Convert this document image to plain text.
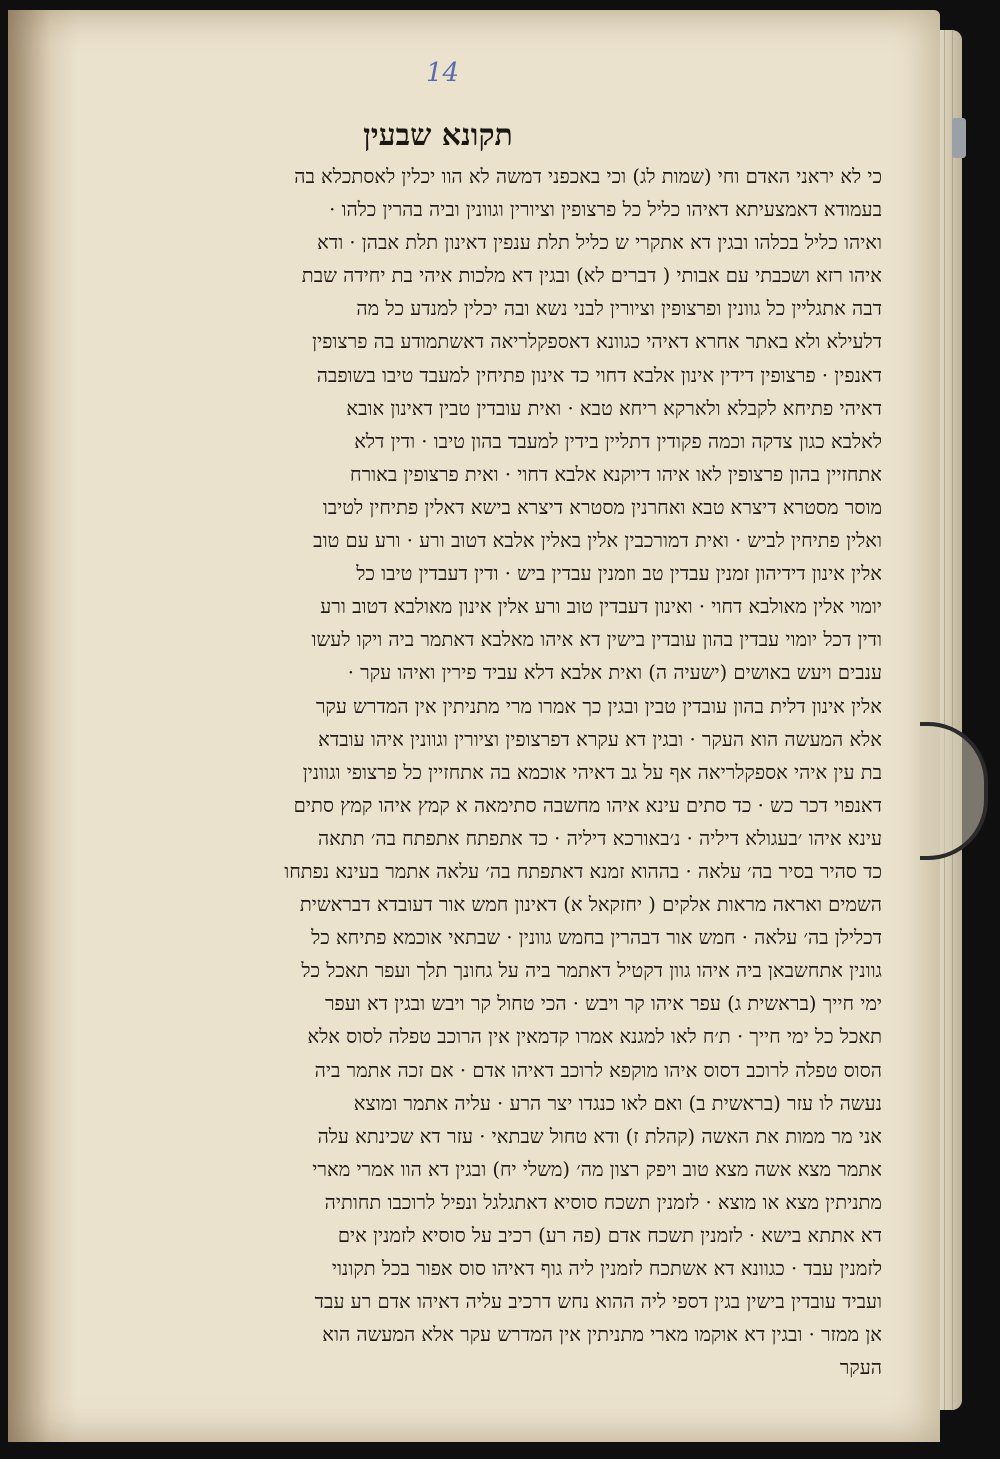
14
תקונא שבעין
כי לא יראני האדם וחי (שמות לג) וכי באכפני דמשה לא הוו יכלין לאסתכלא בה
בעמודא דאמצעיתא דאיהו כליל כל פרצופין וציורין וגוונין וביה בהרין כלהו ·
ואיהו כליל בכלהו ובגין דא אתקרי ש כליל תלת ענפין דאינון תלת אבהן · ודא
איהו רזא ושכבתי עם אבותי ( דברים לא) ובגין דא מלכות איהי בת יחידה שבת
דבה אתגליין כל גוונין ופרצופין וציורין לבני נשא ובה יכלין למנדע כל מה
דלעילא ולא באתר אחרא דאיהי כגוונא דאספקלריאה דאשתמודע בה פרצופין
דאנפין · פרצופין דידין אינון אלבא דחוי כד אינון פתיחין למעבד טיבו בשופבה
דאיהי פתיחא לקבלא ולארקא ריחא טבא · ואית עובדין טבין דאינון אובא
לאלבא כגון צדקה וכמה פקודין דתליין בידין למעבד בהון טיבו · ודין דלא
אתחזיין בהון פרצופין לאו איהו דיוקנא אלבא דחוי · ואית פרצופין באורח
מוסר מסטרא דיצרא טבא ואחרנין מסטרא דיצרא בישא דאלין פתיחין לטיבו
ואלין פתיחין לביש · ואית דמורכבין אלין באלין אלבא דטוב ורע · ורע עם טוב
אלין אינון דידיהון זמנין עבדין טב וזמנין עבדין ביש · ודין דעבדין טיבו כל
יומוי אלין מאולבא דחוי · ואינון דעבדין טוב ורע אלין אינון מאולבא דטוב ורע
ודין דכל יומוי עבדין בהון עובדין בישין דא איהו מאלבא דאתמר ביה ויקו לעשו
ענבים ויעש באושים (ישעיה ה) ואית אלבא דלא עביד פירין ואיהו עקר ·
אלין אינון דלית בהון עובדין טבין ובגין כך אמרו מרי מתניתין אין המדרש עקר
אלא המעשה הוא העקר · ובגין דא עקרא דפרצופין וציורין וגוונין איהו עובדא
בת עין איהי אספקלריאה אף על גב דאיהי אוכמא בה אתחזיין כל פרצופי וגוונין
דאנפוי דכר כש · כד סתים עינא איהו מחשבה סתימאה א קמץ איהו קמץ סתים
עינא איהו ׳בעגולא דיליה · נ׳באורכא דיליה · כד אתפתח אתפתח בה׳ תתאה
כד סהיר בסיר בה׳ עלאה · בההוא זמנא דאתפתח בה׳ עלאה אתמר בעינא נפתחו
השמים ואראה מראות אלקים ( יחזקאל א) דאינון חמש אור דעובדא דבראשית
דכלילן בה׳ עלאה · חמש אור דבהרין בחמש גוונין · שבתאי אוכמא פתיחא כל
גוונין אתחשבאן ביה איהו גוון דקטיל דאתמר ביה על גחונך תלך ועפר תאכל כל
ימי חייך (בראשית ג) עפר איהו קר ויבש · הכי טחול קר ויבש ובגין דא ועפר
תאכל כל ימי חייך · ת׳ח לאו למגנא אמרו קדמאין אין הרוכב טפלה לסוס אלא
הסוס טפלה לרוכב דסוס איהו מוקפא לרוכב דאיהו אדם · אם זכה אתמר ביה
נעשה לו עזר (בראשית ב) ואם לאו כנגדו יצר הרע · עליה אתמר ומוצא
אני מר ממות את האשה (קהלת ז) ודא טחול שבתאי · עזר דא שכינתא עלה
אתמר מצא אשה מצא טוב ויפק רצון מה׳ (משלי יח) ובגין דא הוו אמרי מארי
מתניתין מצא או מוצא · לזמנין תשכח סוסיא דאתגלגל ונפיל לרוכבו תחותיה
דא אתתא בישא · לזמנין תשכח אדם (פה רע) רכיב על סוסיא לזמנין אים
לזמנין עבד · כגוונא דא אשתכח לזמנין ליה גוף דאיהו סוס אפור בכל תקונוי
ועביד עובדין בישין בגין דספי ליה ההוא נחש דרכיב עליה דאיהו אדם רע עבד
אן ממזר · ובגין דא אוקמו מארי מתניתין אין המדרש עקר אלא המעשה הוא
העקר
